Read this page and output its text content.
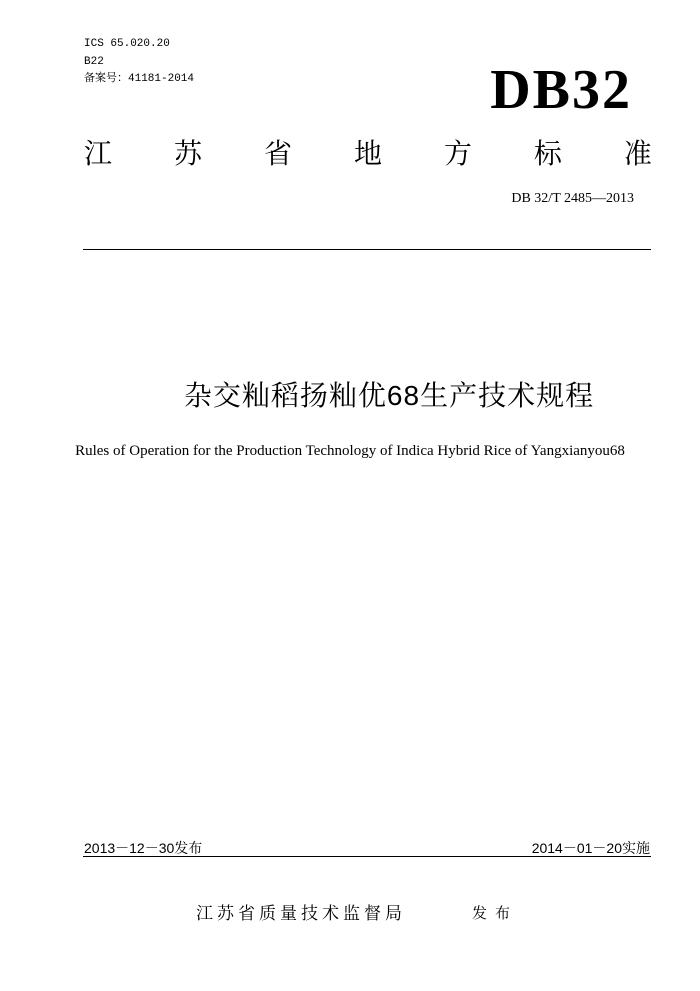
ICS 65.020.20
B22
备案号：41181-2014	DB32
江 苏 省 地 方 标 准
DB 32/T 2485—2013
杂交籼稻扬籼优68生产技术规程
Rules of Operation for the Production Technology of Indica Hybrid Rice of Yangxianyou68
2013－12－30发布	2014－01－20实施
江苏省质量技术监督局	发布
